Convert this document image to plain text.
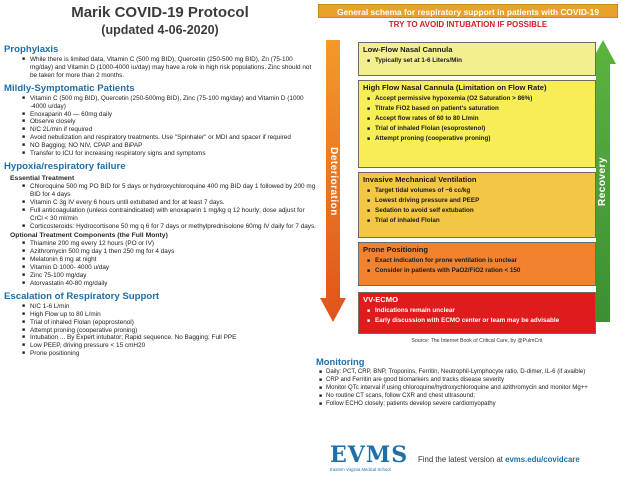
Marik COVID-19 Protocol
(updated 4-06-2020)
Prophylaxis
■ While there is limited data, Vitamin C (500 mg BID), Quercetin (250-500 mg BID), Zn (75-100 mg/day) and Vitamin D (1000-4000 iu/day) may have a role in high risk populations. Zinc should not be taken for more than 2 months.
Mildly-Symptomatic Patients
■ Vitamin C (500 mg BID), Quercetin (250-500mg BID), Zinc (75-100 mg/day) and Vitamin D (1000 -4000 u/day)
■ Enoxaparin 40 — 60mg daily
■ Observe closely
■ N/C 2L/min if required
■ Avoid nebulization and respiratory treatments. Use "Spinhaler" or MDI and spacer if required
■ NO Bagging; NO NIV, CPAP and BiPAP
■ Transfer to ICU for increasing respiratory signs and symptoms
Hypoxia/respiratory failure
Essential Treatment
■ Chloroquine 500 mg PO BID for 5 days or hydroxychloroquine 400 mg BID day 1 followed by 200 mg BID for 4 days
■ Vitamin C 3g IV every 6 hours until extubated and for at least 7 days.
■ Full anticoagulation (unless contraindicated) with enoxaparin 1 mg/kg q 12 hourly; dose adjust for CrCl < 30 ml/min
■ Corticosteroids: Hydrocortisone 50 mg q 6 for 7 days or methylprednisolone 60mg IV daily for 7 days.
Optional Treatment Components (the Full Monty)
■ Thiamine 200 mg every 12 hours (PO or IV)
■ Azithromycin 500 mg day 1 then 250 mg for 4 days
■ Melatonin 6 mg at night
■ Vitamin D 1000- 4000 u/day
■ Zinc 75-100 mg/day
■ Atorvastatin 40-80 mg/daily
Escalation of Respiratory Support
■ N/C 1-6 L/min
■ High Flow up to 80 L/min
■ Trial of inhaled Flolan (epoprostenol)
■ Attempt proning (cooperative proning)
■ Intubation ... By Expert intubator; Rapid sequence. No Bagging; Full PPE
■ Low PEEP, driving pressure < 15 cmH20
■ Prone positioning
General schema for respiratory support in patients with COVID-19
TRY TO AVOID INTUBATION IF POSSIBLE
Deterioration	Recovery
Low-Flow Nasal Cannula
■ Typically set at 1-6 Liters/Min
High Flow Nasal Cannula (Limitation on Flow Rate)
■ Accept permissive hypoxemia (O2 Saturation > 86%)
■ Titrate FiO2 based on patient's saturation
■ Accept flow rates of 60 to 80 L/min
■ Trial of inhaled Flolan (esoprostenol)
■ Attempt proning (cooperative proning)
Invasive Mechanical Ventilation
■ Target tidal volumes of ~6 cc/kg
■ Lowest driving pressure and PEEP
■ Sedation to avoid self extubation
■ Trial of inhaled Flolan
Prone Positioning
■ Exact indication for prone ventilation is unclear
■ Consider in patients with PaO2/FiO2 ration < 150
VV-ECMO
■ Indications remain unclear
■ Early discussion with ECMO center or team may be advisable
Source: The Internet Book of Critical Care, by @PulmCrit
Monitoring
■ Daily: PCT, CRP, BNP, Troponins, Ferritin, Neutrophil-Lymphocyte ratio, D-dimer, IL-6 (if avaible)
■ CRP and Ferritin are good biomarkers and tracks disease severity
■ Monitor QTc interval if using chloroquine/hydroxychloroquine and azithromycin and monitor Mg++
■ No routine CT scans, follow CXR and chest ultrasound;
■ Follow ECHO closely; patients develop severe cardiomyopathy
EVMS
Eastern Virginia Medical School
Find the latest version at evms.edu/covidcare
